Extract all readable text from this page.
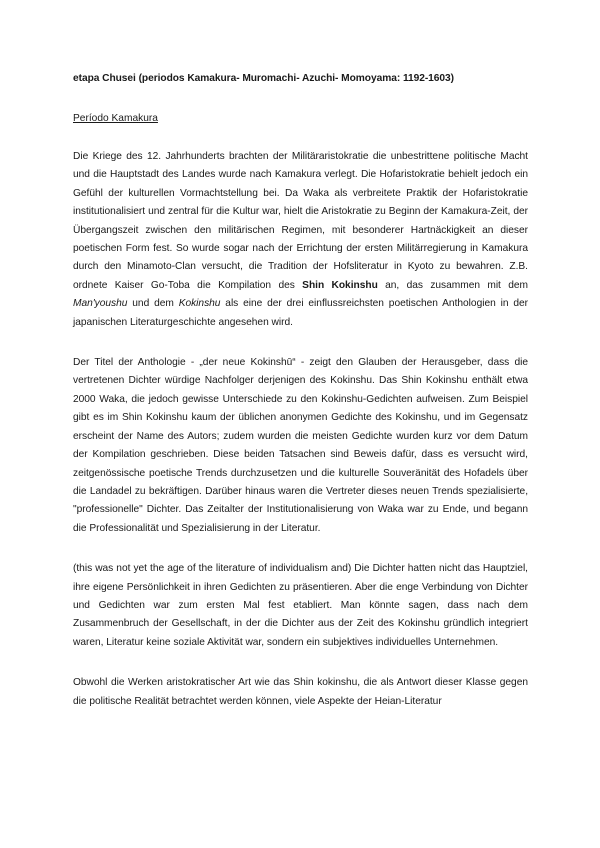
etapa Chusei (periodos Kamakura- Muromachi- Azuchi- Momoyama: 1192-1603)

Período Kamakura

Die Kriege des 12. Jahrhunderts brachten der Militäraristokratie die unbestrittene politische Macht und die Hauptstadt des Landes wurde nach Kamakura verlegt. Die Hofaristokratie behielt jedoch ein Gefühl der kulturellen Vormachtstellung bei. Da Waka als verbreitete Praktik der Hofaristokratie institutionalisiert und zentral für die Kultur war, hielt die Aristokratie zu Beginn der Kamakura-Zeit, der Übergangszeit zwischen den militärischen Regimen, mit besonderer Hartnäckigkeit an dieser poetischen Form fest. So wurde sogar nach der Errichtung der ersten Militärregierung in Kamakura durch den Minamoto-Clan versucht, die Tradition der Hofsliteratur in Kyoto zu bewahren. Z.B. ordnete Kaiser Go-Toba die Kompilation des Shin Kokinshu an, das zusammen mit dem Man'youshu und dem Kokinshu als eine der drei einflussreichsten poetischen Anthologien in der japanischen Literaturgeschichte angesehen wird.

Der Titel der Anthologie - „der neue Kokinshū“ - zeigt den Glauben der Herausgeber, dass die vertretenen Dichter würdige Nachfolger derjenigen des Kokinshu. Das Shin Kokinshu enthält etwa 2000 Waka, die jedoch gewisse Unterschiede zu den Kokinshu-Gedichten aufweisen. Zum Beispiel gibt es im Shin Kokinshu kaum der üblichen anonymen Gedichte des Kokinshu, und im Gegensatz erscheint der Name des Autors; zudem wurden die meisten Gedichte wurden kurz vor dem Datum der Kompilation geschrieben. Diese beiden Tatsachen sind Beweis dafür, dass es versucht wird, zeitgenössische poetische Trends durchzusetzen und die kulturelle Souveränität des Hofadels über die Landadel zu bekräftigen. Darüber hinaus waren die Vertreter dieses neuen Trends spezialisierte, "professionelle" Dichter. Das Zeitalter der Institutionalisierung von Waka war zu Ende, und begann die Professionalität und Spezialisierung in der Literatur.

(this was not yet the age of the literature of individualism and) Die Dichter hatten nicht das Hauptziel, ihre eigene Persönlichkeit in ihren Gedichten zu präsentieren. Aber die enge Verbindung von Dichter und Gedichten war zum ersten Mal fest etabliert. Man könnte sagen, dass nach dem Zusammenbruch der Gesellschaft, in der die Dichter aus der Zeit des Kokinshu gründlich integriert waren, Literatur keine soziale Aktivität war, sondern ein subjektives individuelles Unternehmen.

Obwohl die Werken aristokratischer Art wie das Shin kokinshu, die als Antwort dieser Klasse gegen die politische Realität betrachtet werden können, viele Aspekte der Heian-Literatur
